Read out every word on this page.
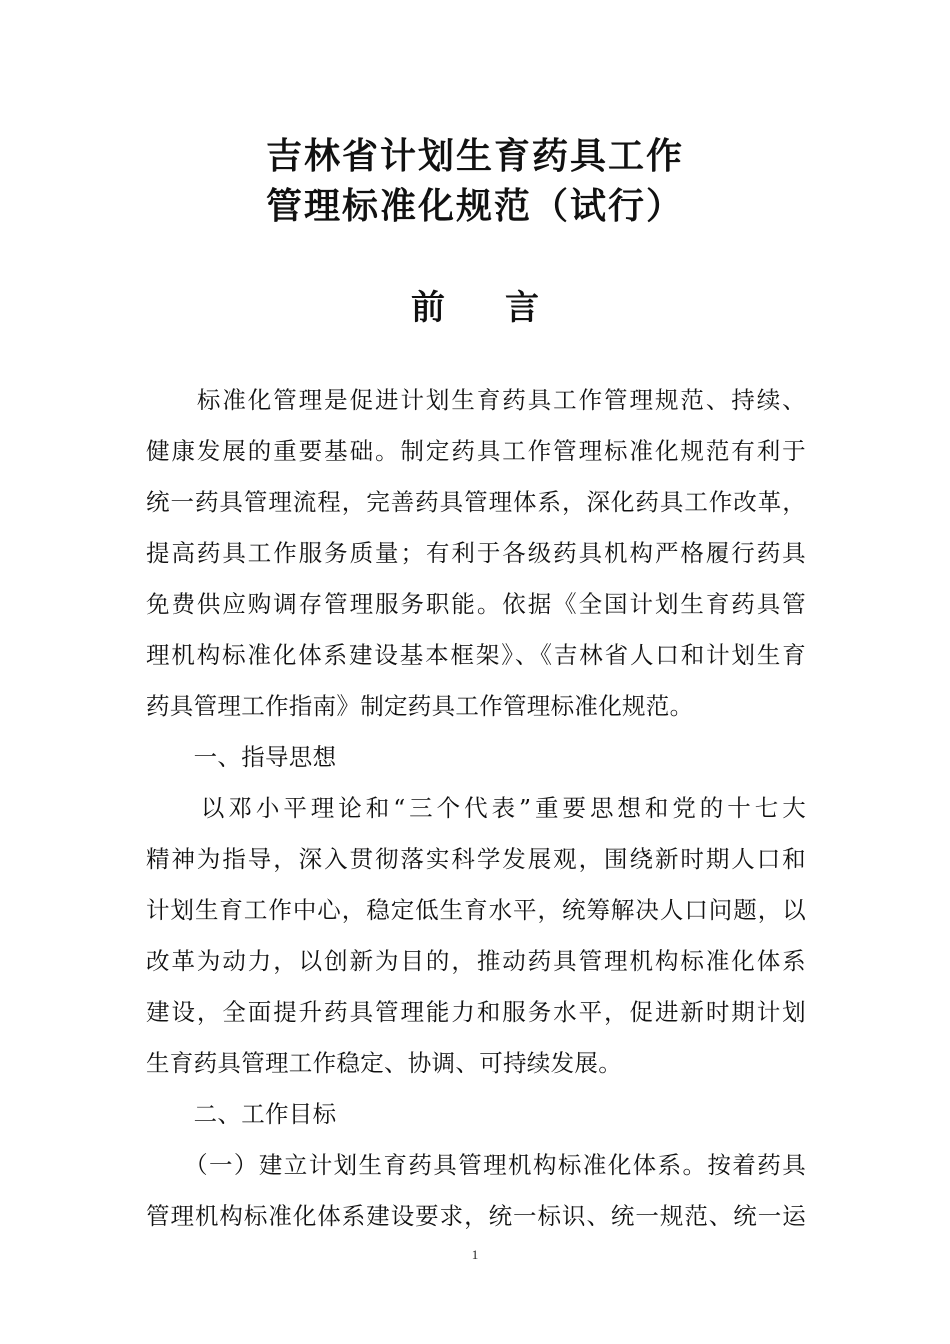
吉林省计划生育药具工作
管理标准化规范（试行）
前言
　　标准化管理是促进计划生育药具工作管理规范、持续、
健康发展的重要基础。制定药具工作管理标准化规范有利于
统一药具管理流程，完善药具管理体系，深化药具工作改革，
提高药具工作服务质量；有利于各级药具机构严格履行药具
免费供应购调存管理服务职能。依据《全国计划生育药具管
理机构标准化体系建设基本框架》、《吉林省人口和计划生育
药具管理工作指南》制定药具工作管理标准化规范。
　　一、指导思想
　　以邓小平理论和“三个代表”重要思想和党的十七大
精神为指导，深入贯彻落实科学发展观，围绕新时期人口和
计划生育工作中心，稳定低生育水平，统筹解决人口问题，以
改革为动力，以创新为目的，推动药具管理机构标准化体系
建设，全面提升药具管理能力和服务水平，促进新时期计划
生育药具管理工作稳定、协调、可持续发展。
　　二、工作目标
　　（一）建立计划生育药具管理机构标准化体系。按着药具
管理机构标准化体系建设要求，统一标识、统一规范、统一运
1
